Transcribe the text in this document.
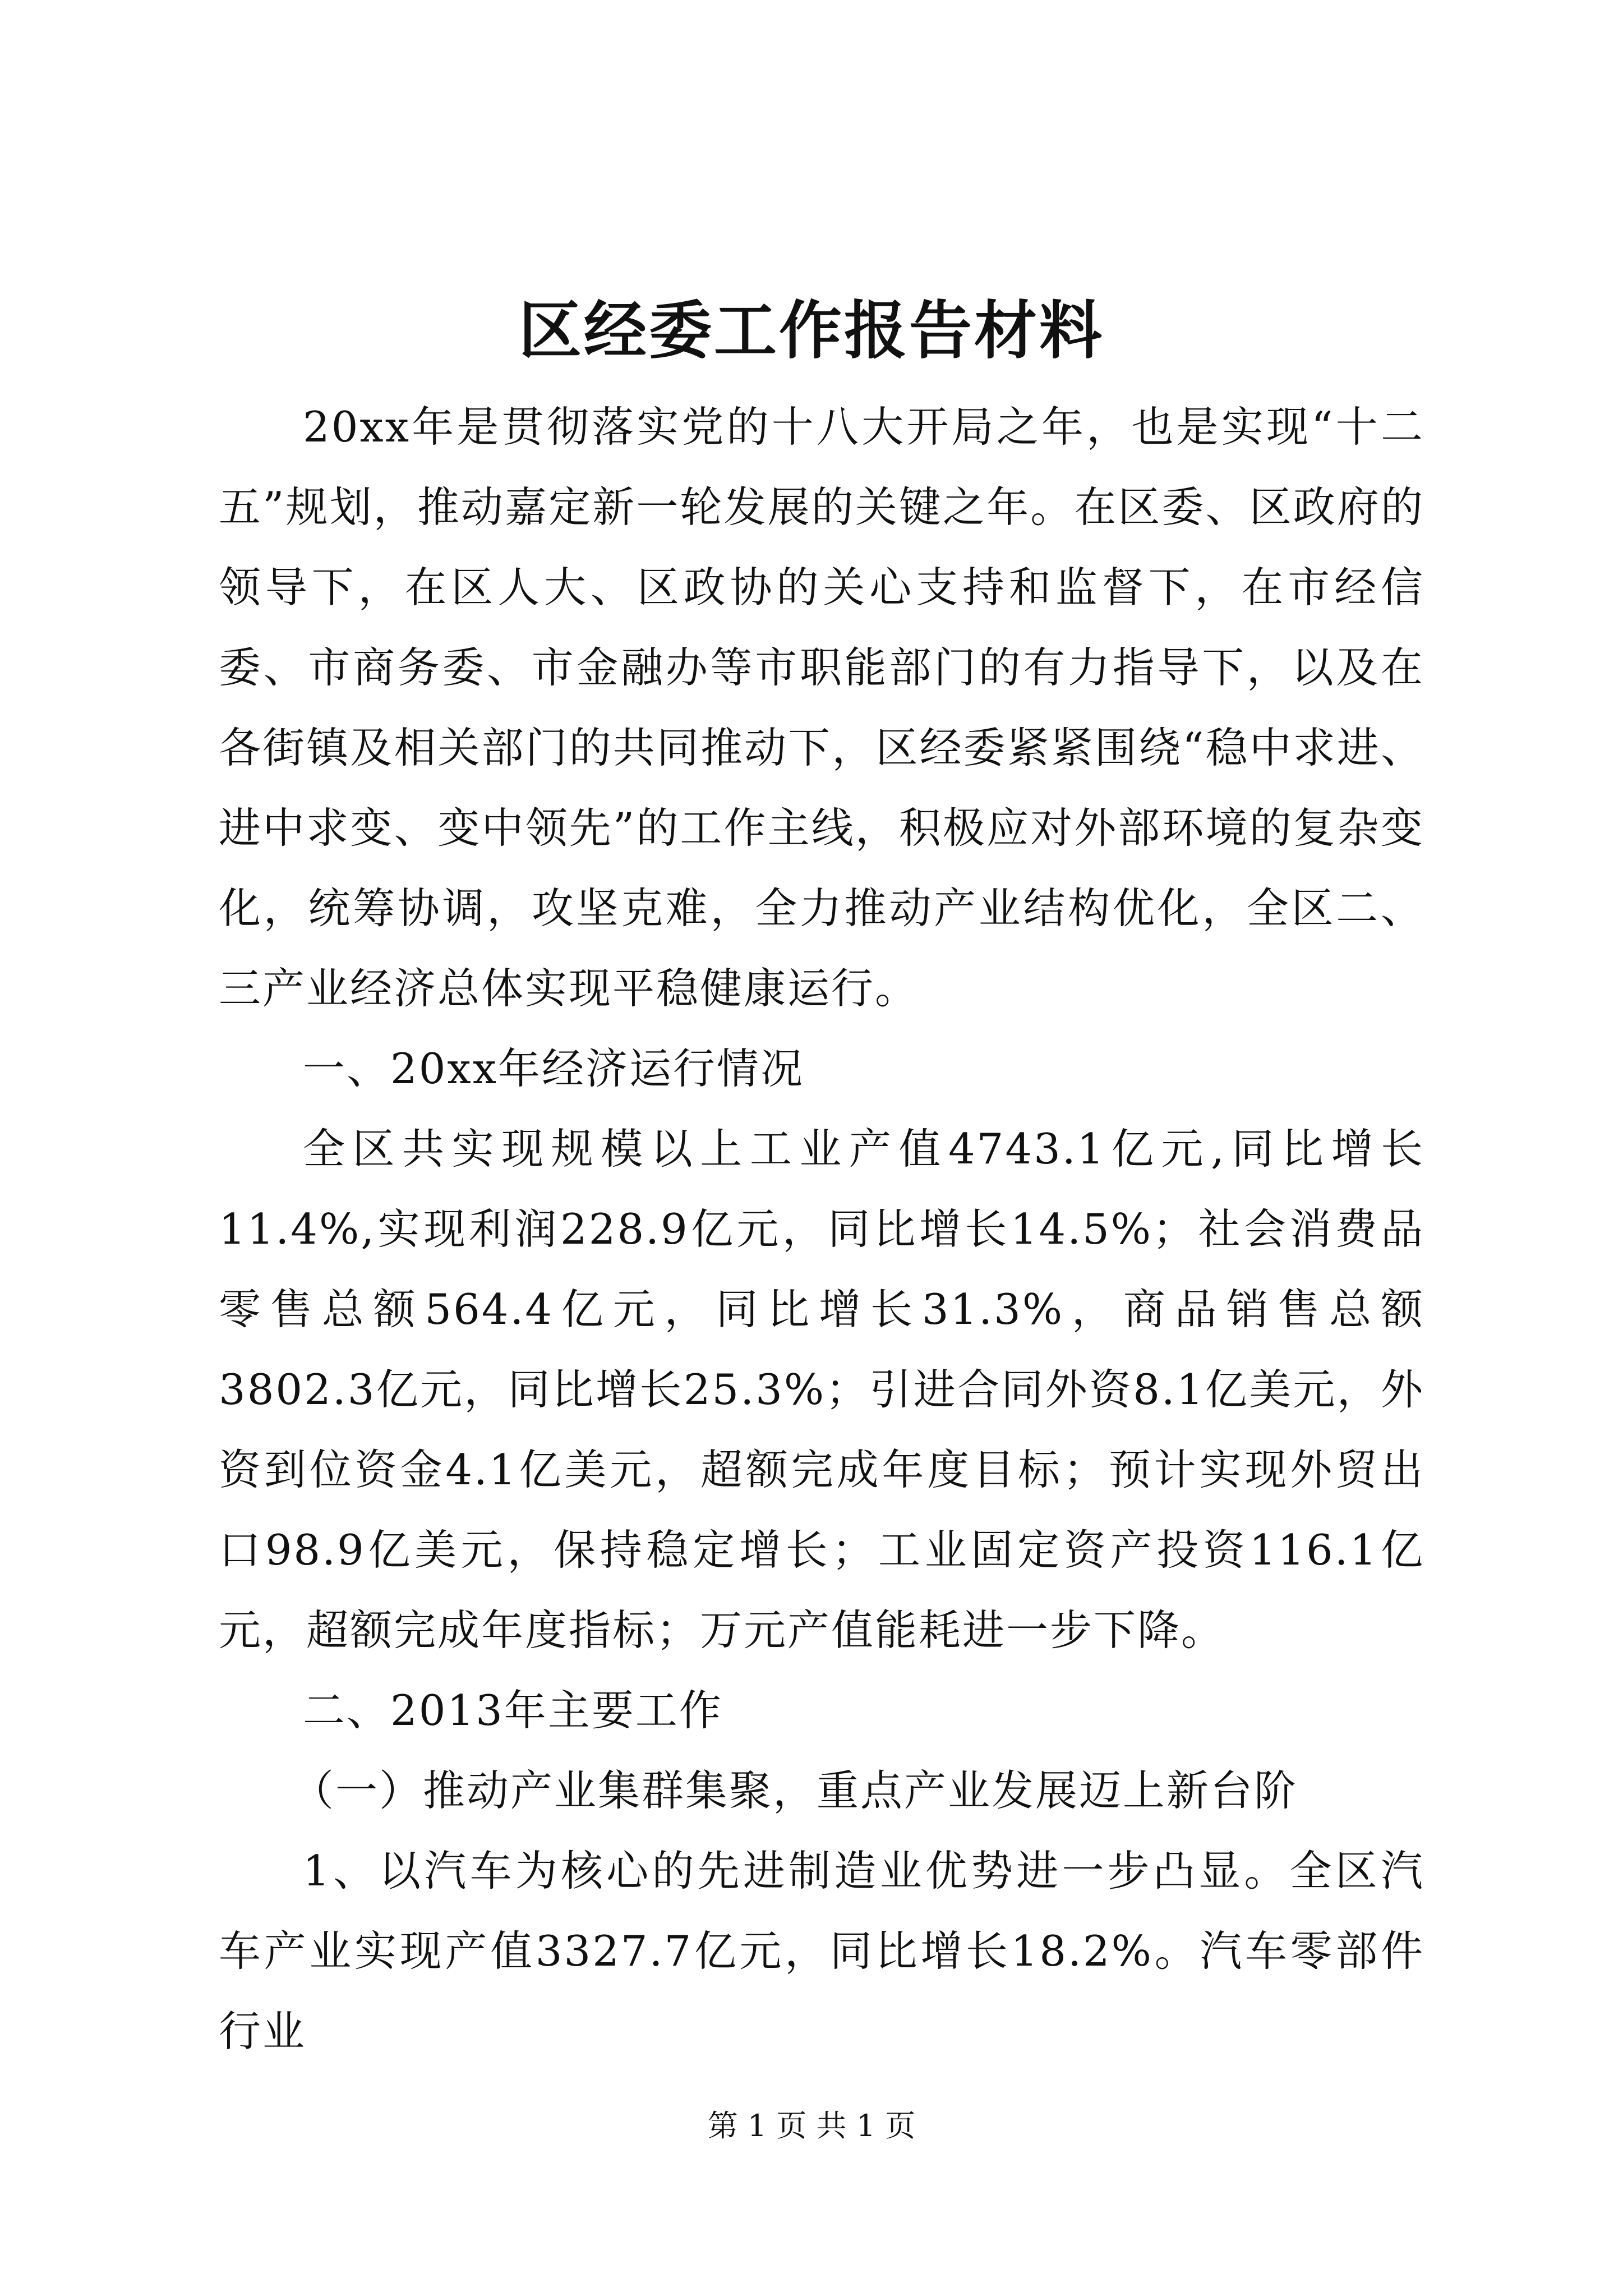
区经委工作报告材料

20xx年是贯彻落实党的十八大开局之年，也是实现“十二五”规划，推动嘉定新一轮发展的关键之年。在区委、区政府的领导下，在区人大、区政协的关心支持和监督下，在市经信委、市商务委、市金融办等市职能部门的有力指导下，以及在各街镇及相关部门的共同推动下，区经委紧紧围绕“稳中求进、进中求变、变中领先”的工作主线，积极应对外部环境的复杂变化，统筹协调，攻坚克难，全力推动产业结构优化，全区二、三产业经济总体实现平稳健康运行。

一、20xx年经济运行情况

全区共实现规模以上工业产值4743.1亿元,同比增长11.4%,实现利润228.9亿元，同比增长14.5%；社会消费品零售总额564.4亿元，同比增长31.3%，商品销售总额3802.3亿元，同比增长25.3%；引进合同外资8.1亿美元，外资到位资金4.1亿美元，超额完成年度目标；预计实现外贸出口98.9亿美元，保持稳定增长；工业固定资产投资116.1亿元，超额完成年度指标；万元产值能耗进一步下降。

二、2013年主要工作

（一）推动产业集群集聚，重点产业发展迈上新台阶

1、以汽车为核心的先进制造业优势进一步凸显。全区汽车产业实现产值3327.7亿元，同比增长18.2%。汽车零部件行业

第 1 页 共 1 页
